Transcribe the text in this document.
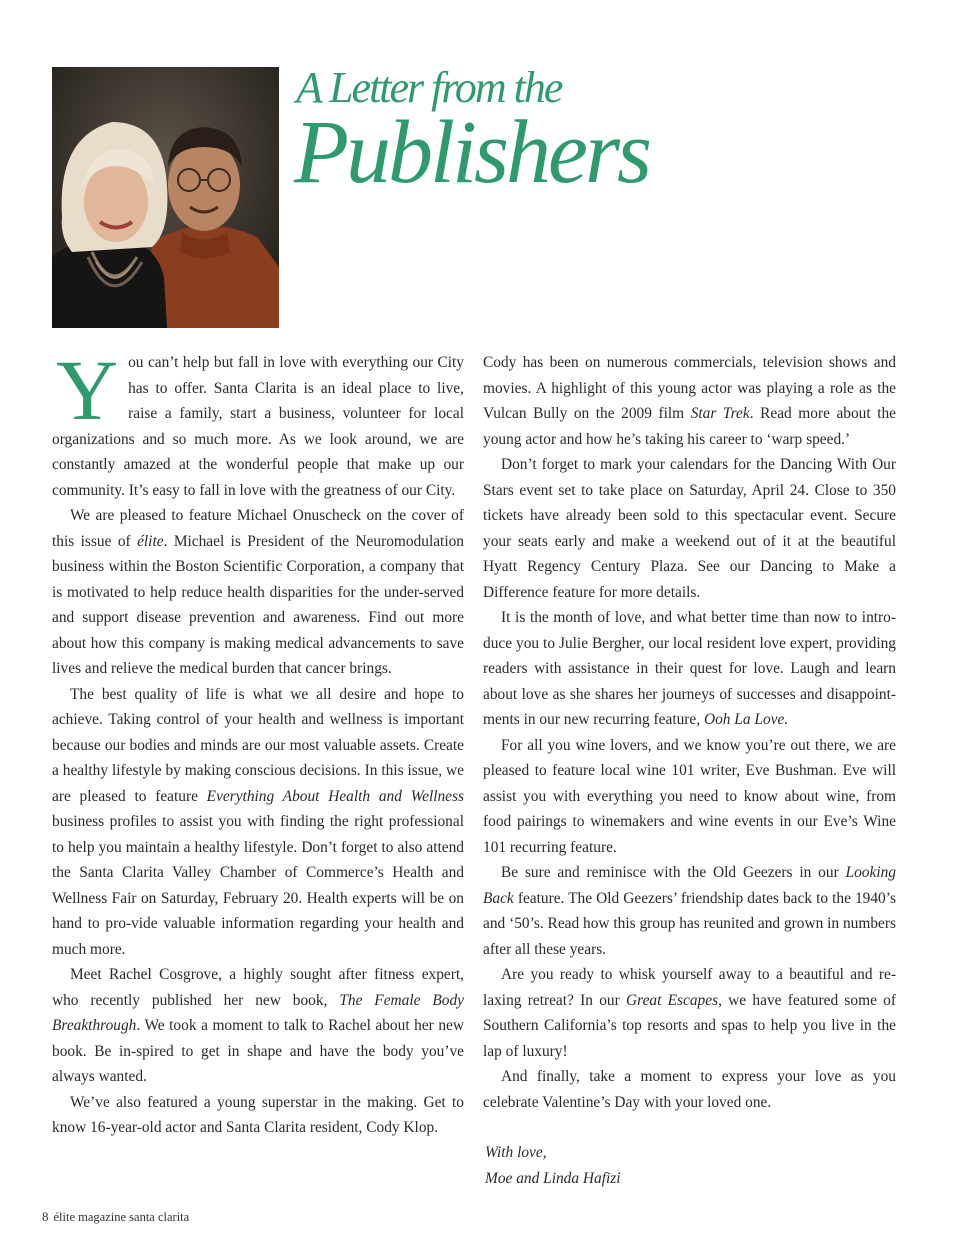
A Letter from the
Publishers

You can’t help but fall in love with everything our City has to offer. Santa Clarita is an ideal place to live, raise a family, start a business, volunteer for local organizations and so much more. As we look around, we are constantly amazed at the wonderful people that make up our community. It’s easy to fall in love with the greatness of our City.

We are pleased to feature Michael Onuscheck on the cover of this issue of élite. Michael is President of the Neuromodulation business within the Boston Scientific Corporation, a company that is motivated to help reduce health disparities for the under-served and support disease prevention and awareness. Find out more about how this company is making medical advancements to save lives and relieve the medical burden that cancer brings.

The best quality of life is what we all desire and hope to achieve. Taking control of your health and wellness is important because our bodies and minds are our most valuable assets. Create a healthy lifestyle by making conscious decisions. In this issue, we are pleased to feature Everything About Health and Wellness business profiles to assist you with finding the right professional to help you maintain a healthy lifestyle. Don’t forget to also attend the Santa Clarita Valley Chamber of Commerce’s Health and Wellness Fair on Saturday, February 20. Health experts will be on hand to pro-vide valuable information regarding your health and much more.

Meet Rachel Cosgrove, a highly sought after fitness expert, who recently published her new book, The Female Body Breakthrough. We took a moment to talk to Rachel about her new book. Be in-spired to get in shape and have the body you’ve always wanted.

We’ve also featured a young superstar in the making. Get to know 16-year-old actor and Santa Clarita resident, Cody Klop.

Cody has been on numerous commercials, television shows and movies. A highlight of this young actor was playing a role as the Vulcan Bully on the 2009 film Star Trek. Read more about the young actor and how he’s taking his career to ‘warp speed.’

Don’t forget to mark your calendars for the Dancing With Our Stars event set to take place on Saturday, April 24. Close to 350 tickets have already been sold to this spectacular event. Secure your seats early and make a weekend out of it at the beautiful Hyatt Regency Century Plaza. See our Dancing to Make a Difference feature for more details.

It is the month of love, and what better time than now to intro-duce you to Julie Bergher, our local resident love expert, providing readers with assistance in their quest for love. Laugh and learn about love as she shares her journeys of successes and disappoint-ments in our new recurring feature, Ooh La Love.

For all you wine lovers, and we know you’re out there, we are pleased to feature local wine 101 writer, Eve Bushman. Eve will assist you with everything you need to know about wine, from food pairings to winemakers and wine events in our Eve’s Wine 101 recurring feature.

Be sure and reminisce with the Old Geezers in our Looking Back feature. The Old Geezers’ friendship dates back to the 1940’s and ‘50’s. Read how this group has reunited and grown in numbers after all these years.

Are you ready to whisk yourself away to a beautiful and re-laxing retreat? In our Great Escapes, we have featured some of Southern California’s top resorts and spas to help you live in the lap of luxury!

And finally, take a moment to express your love as you celebrate Valentine’s Day with your loved one.

With love,
Moe and Linda Hafizi
8 élite magazine santa clarita
